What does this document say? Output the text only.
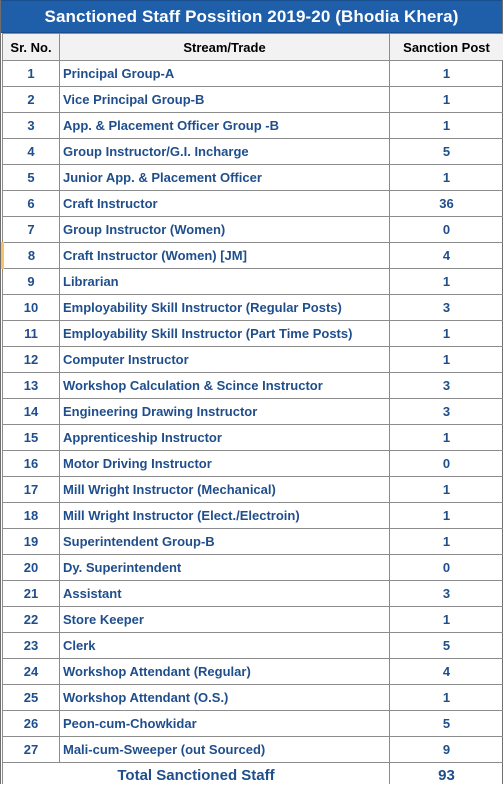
Sanctioned Staff Possition 2019-20 (Bhodia Khera)
Sr. No.	Stream/Trade	Sanction Post
1	Principal Group-A	1
2	Vice Principal Group-B	1
3	App. & Placement Officer Group -B	1
4	Group Instructor/G.I. Incharge	5
5	Junior App. & Placement Officer	1
6	Craft Instructor	36
7	Group Instructor (Women)	0
8	Craft Instructor (Women) [JM]	4
9	Librarian	1
10	Employability Skill Instructor (Regular Posts)	3
11	Employability Skill Instructor (Part Time Posts)	1
12	Computer Instructor	1
13	Workshop Calculation & Scince Instructor	3
14	Engineering Drawing Instructor	3
15	Apprenticeship Instructor	1
16	Motor Driving Instructor	0
17	Mill Wright Instructor (Mechanical)	1
18	Mill Wright Instructor (Elect./Electroin)	1
19	Superintendent Group-B	1
20	Dy. Superintendent	0
21	Assistant	3
22	Store Keeper	1
23	Clerk	5
24	Workshop Attendant (Regular)	4
25	Workshop Attendant (O.S.)	1
26	Peon-cum-Chowkidar	5
27	Mali-cum-Sweeper (out Sourced)	9
Total Sanctioned Staff		93
